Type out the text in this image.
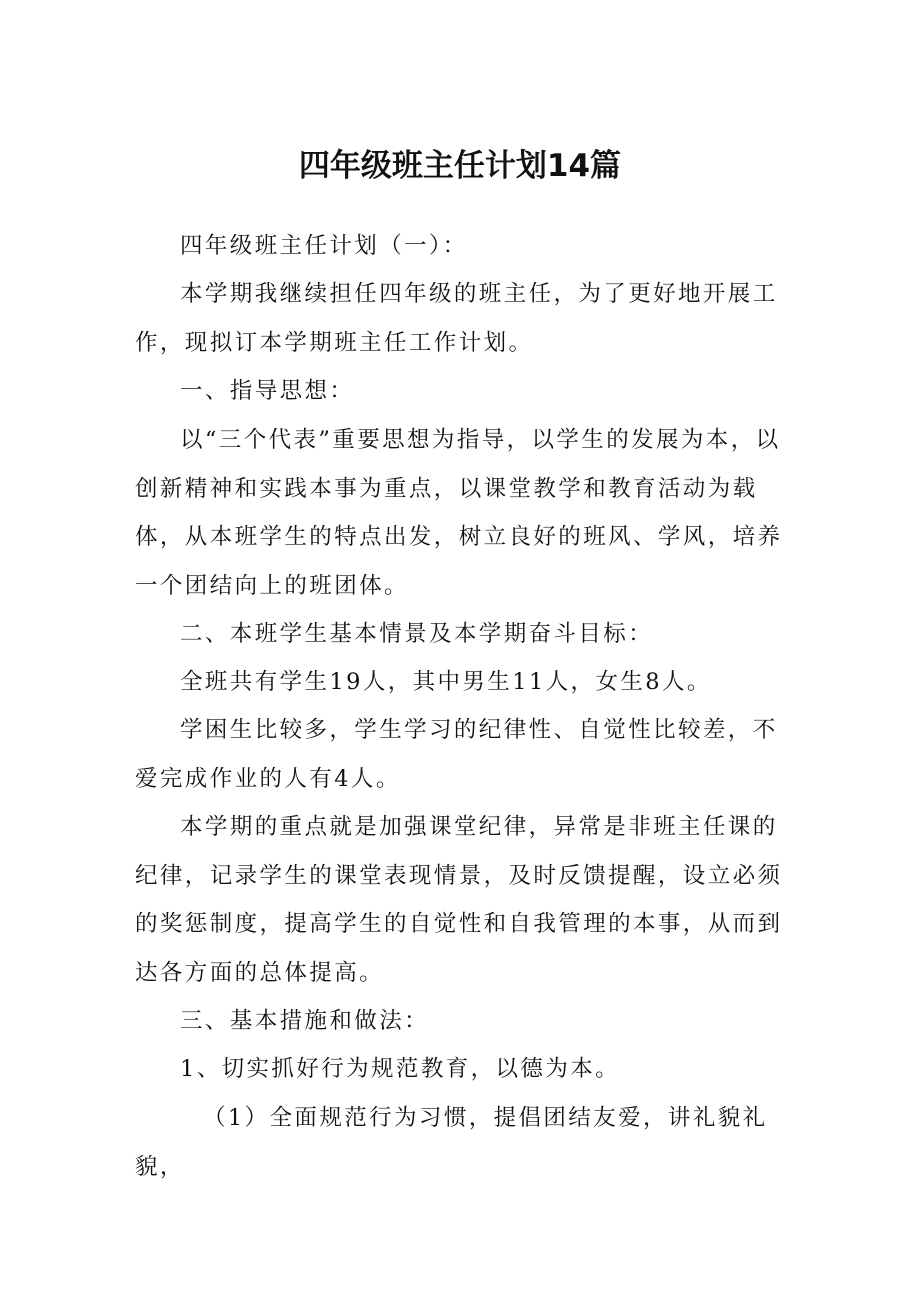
四年级班主任计划14篇

四年级班主任计划（一）：

本学期我继续担任四年级的班主任，为了更好地开展工作，现拟订本学期班主任工作计划。

一、指导思想：

以“三个代表”重要思想为指导，以学生的发展为本，以创新精神和实践本事为重点，以课堂教学和教育活动为载体，从本班学生的特点出发，树立良好的班风、学风，培养一个团结向上的班团体。

二、本班学生基本情景及本学期奋斗目标：

全班共有学生19人，其中男生11人，女生8人。

学困生比较多，学生学习的纪律性、自觉性比较差，不爱完成作业的人有4人。

本学期的重点就是加强课堂纪律，异常是非班主任课的纪律，记录学生的课堂表现情景，及时反馈提醒，设立必须的奖惩制度，提高学生的自觉性和自我管理的本事，从而到达各方面的总体提高。

三、基本措施和做法：

1、切实抓好行为规范教育，以德为本。

（1）全面规范行为习惯，提倡团结友爱，讲礼貌礼貌，
